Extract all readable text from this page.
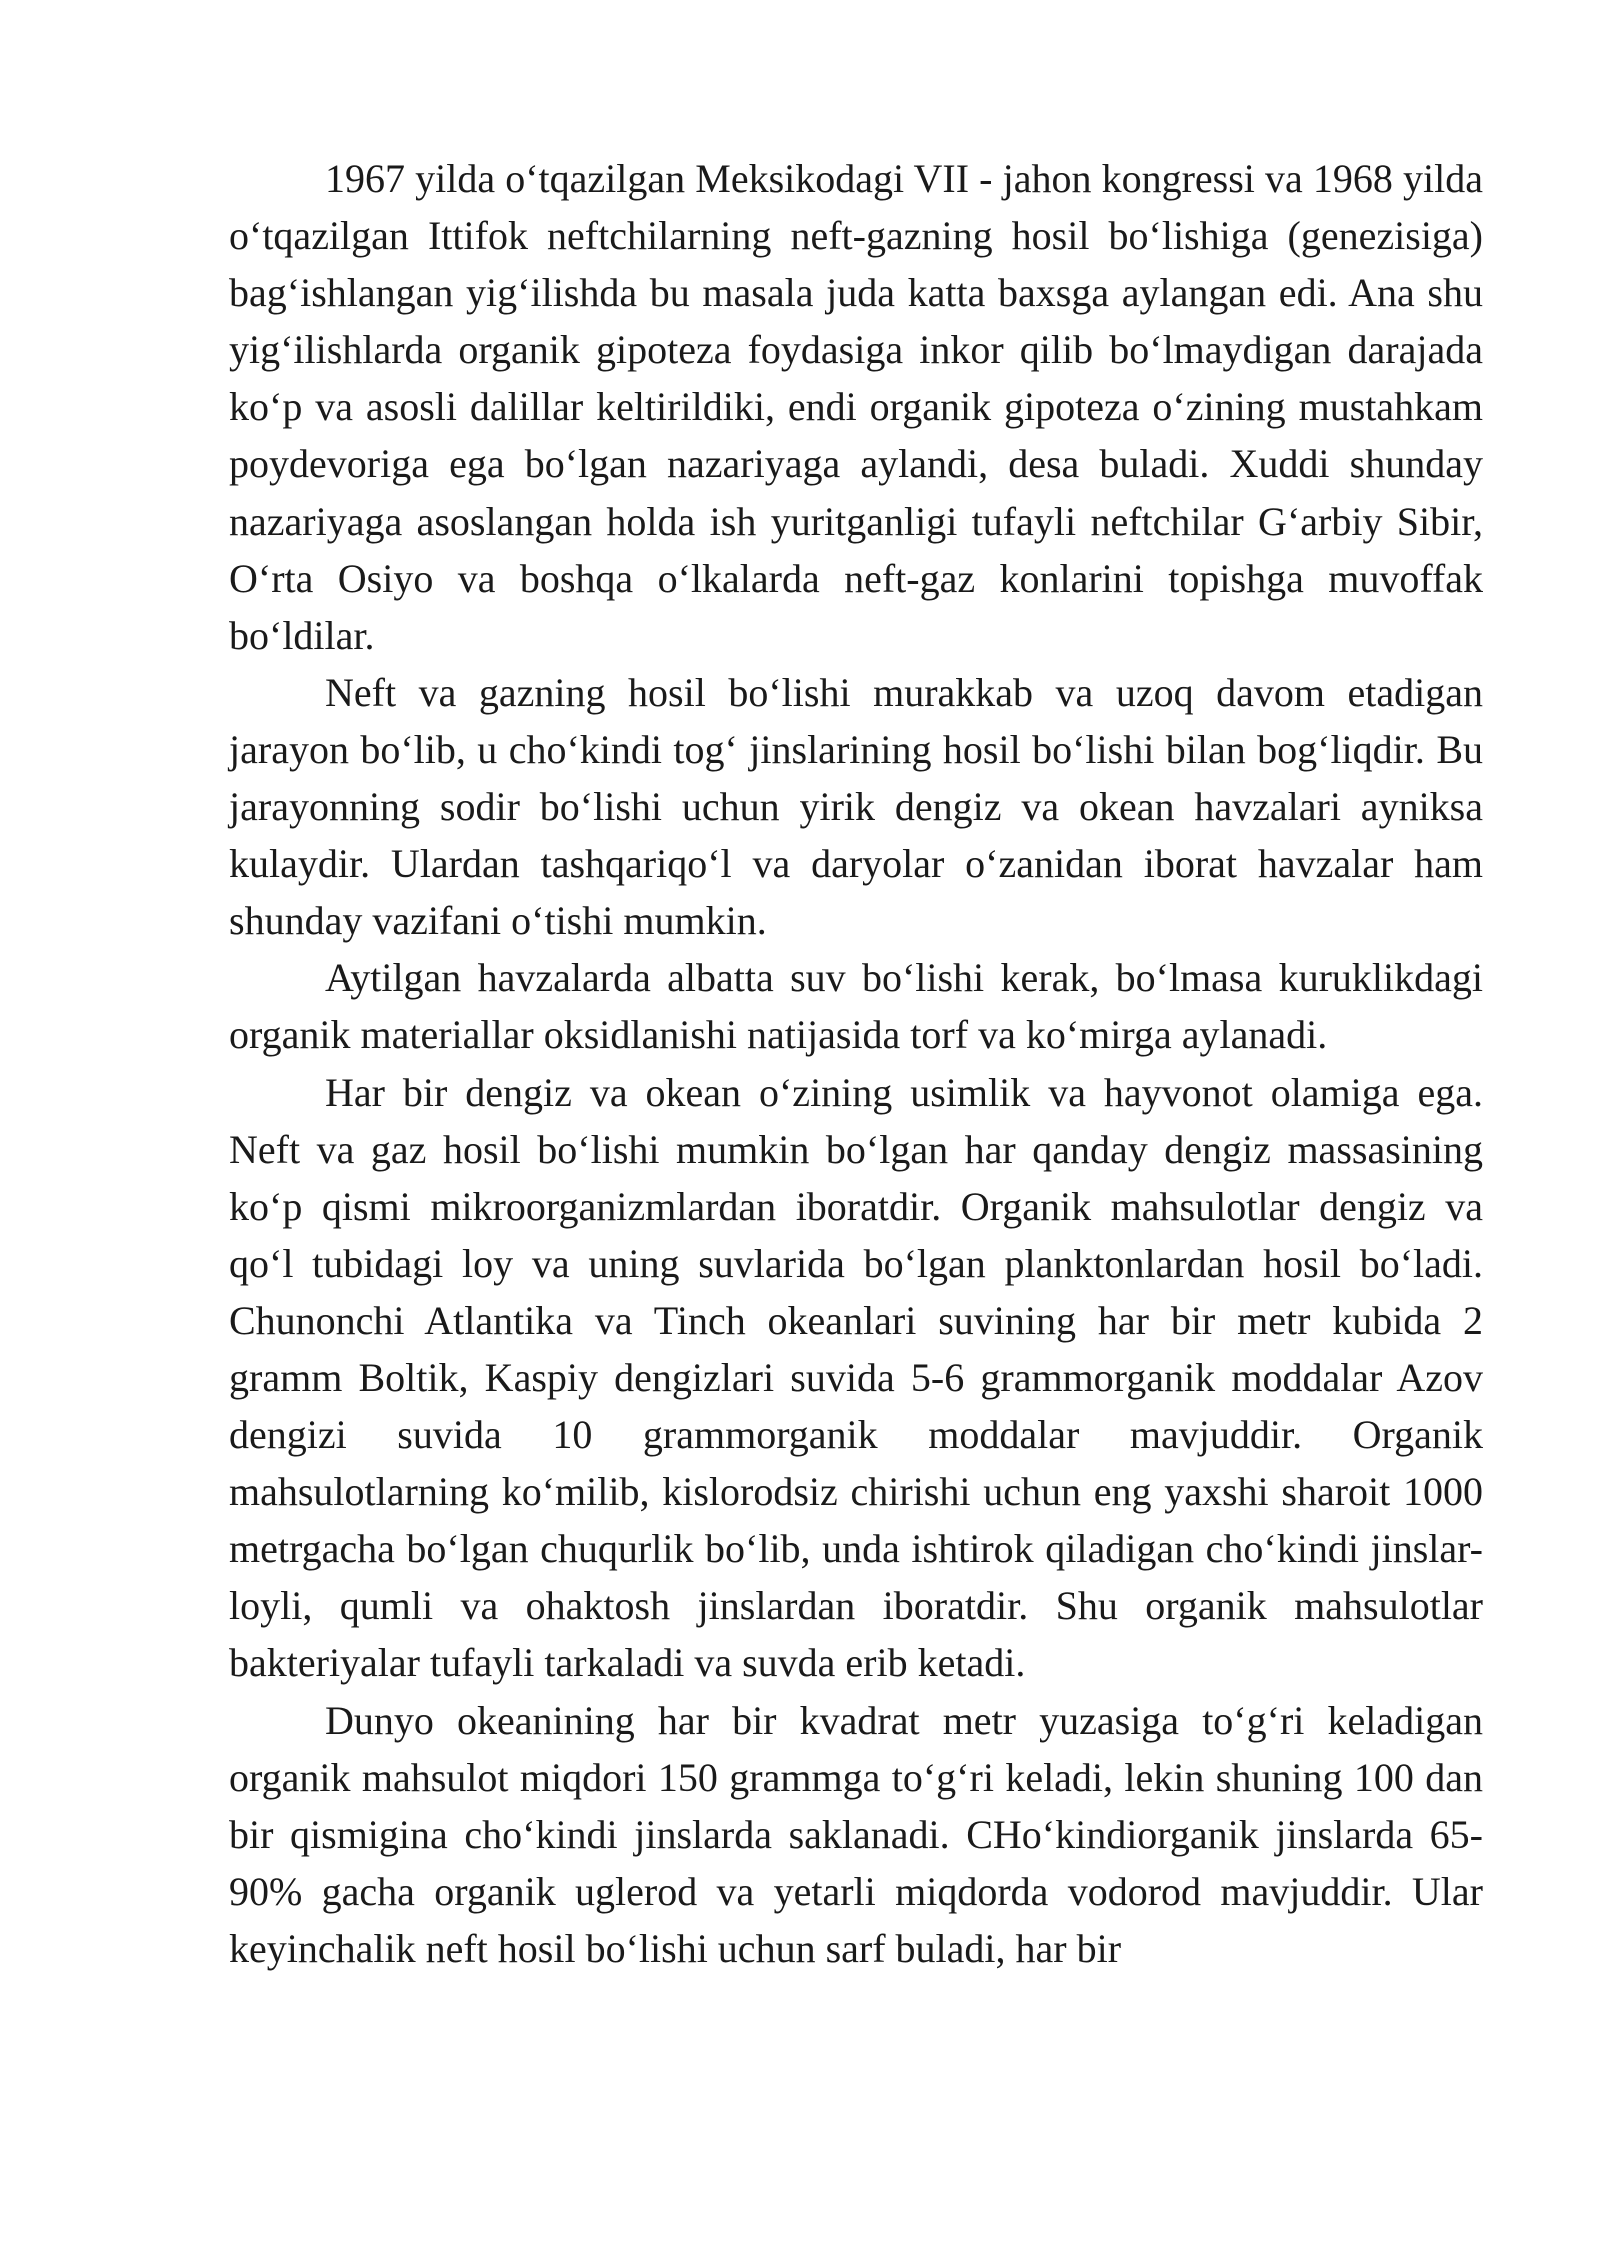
1967 yilda o‘tqazilgan Meksikodagi VII - jahon kongressi va 1968 yilda o‘tqazilgan Ittifok neftchilarning neft-gazning hosil bo‘lishiga (genezisiga) bag‘ishlangan yig‘ilishda bu masala juda katta baxsga aylangan edi. Ana shu yig‘ilishlarda organik gipoteza foydasiga inkor qilib bo‘lmaydigan darajada ko‘p va asosli dalillar keltirildiki, endi organik gipoteza o‘zining mustahkam poydevoriga ega bo‘lgan nazariyaga aylandi, desa buladi. Xuddi shunday nazariyaga asoslangan holda ish yuritganligi tufayli neftchilar G‘arbiy Sibir, O‘rta Osiyo va boshqa o‘lkalarda neft-gaz konlarini topishga muvoffak bo‘ldilar.

Neft va gazning hosil bo‘lishi murakkab va uzoq davom etadigan jarayon bo‘lib, u cho‘kindi tog‘ jinslarining hosil bo‘lishi bilan bog‘liqdir. Bu jarayonning sodir bo‘lishi uchun yirik dengiz va okean havzalari ayniksa kulaydir. Ulardan tashqariqo‘l va daryolar o‘zanidan iborat havzalar ham shunday vazifani o‘tishi mumkin.

Aytilgan havzalarda albatta suv bo‘lishi kerak, bo‘lmasa kuruklikdagi organik materiallar oksidlanishi natijasida torf va ko‘mirga aylanadi.

Har bir dengiz va okean o‘zining usimlik va hayvonot olamiga ega. Neft va gaz hosil bo‘lishi mumkin bo‘lgan har qanday dengiz massasining ko‘p qismi mikroorganizmlardan iboratdir. Organik mahsulotlar dengiz va qo‘l tubidagi loy va uning suvlarida bo‘lgan planktonlardan hosil bo‘ladi. Chunonchi Atlantika va Tinch okeanlari suvining har bir metr kubida 2 gramm Boltik, Kaspiy dengizlari suvida 5-6 grammorganik moddalar Azov dengizi suvida 10 grammorganik moddalar mavjuddir. Organik mahsulotlarning ko‘milib, kislorodsiz chirishi uchun eng yaxshi sharoit 1000 metrgacha bo‘lgan chuqurlik bo‘lib, unda ishtirok qiladigan cho‘kindi jinslar-loyli, qumli va ohaktosh jinslardan iboratdir. Shu organik mahsulotlar bakteriyalar tufayli tarkaladi va suvda erib ketadi.

Dunyo okeanining har bir kvadrat metr yuzasiga to‘g‘ri keladigan organik mahsulot miqdori 150 grammga to‘g‘ri keladi, lekin shuning 100 dan bir qismigina cho‘kindi jinslarda saklanadi. CHo‘kindiorganik jinslarda 65-90% gacha organik uglerod va yetarli miqdorda vodorod mavjuddir. Ular keyinchalik neft hosil bo‘lishi uchun sarf buladi, har bir
